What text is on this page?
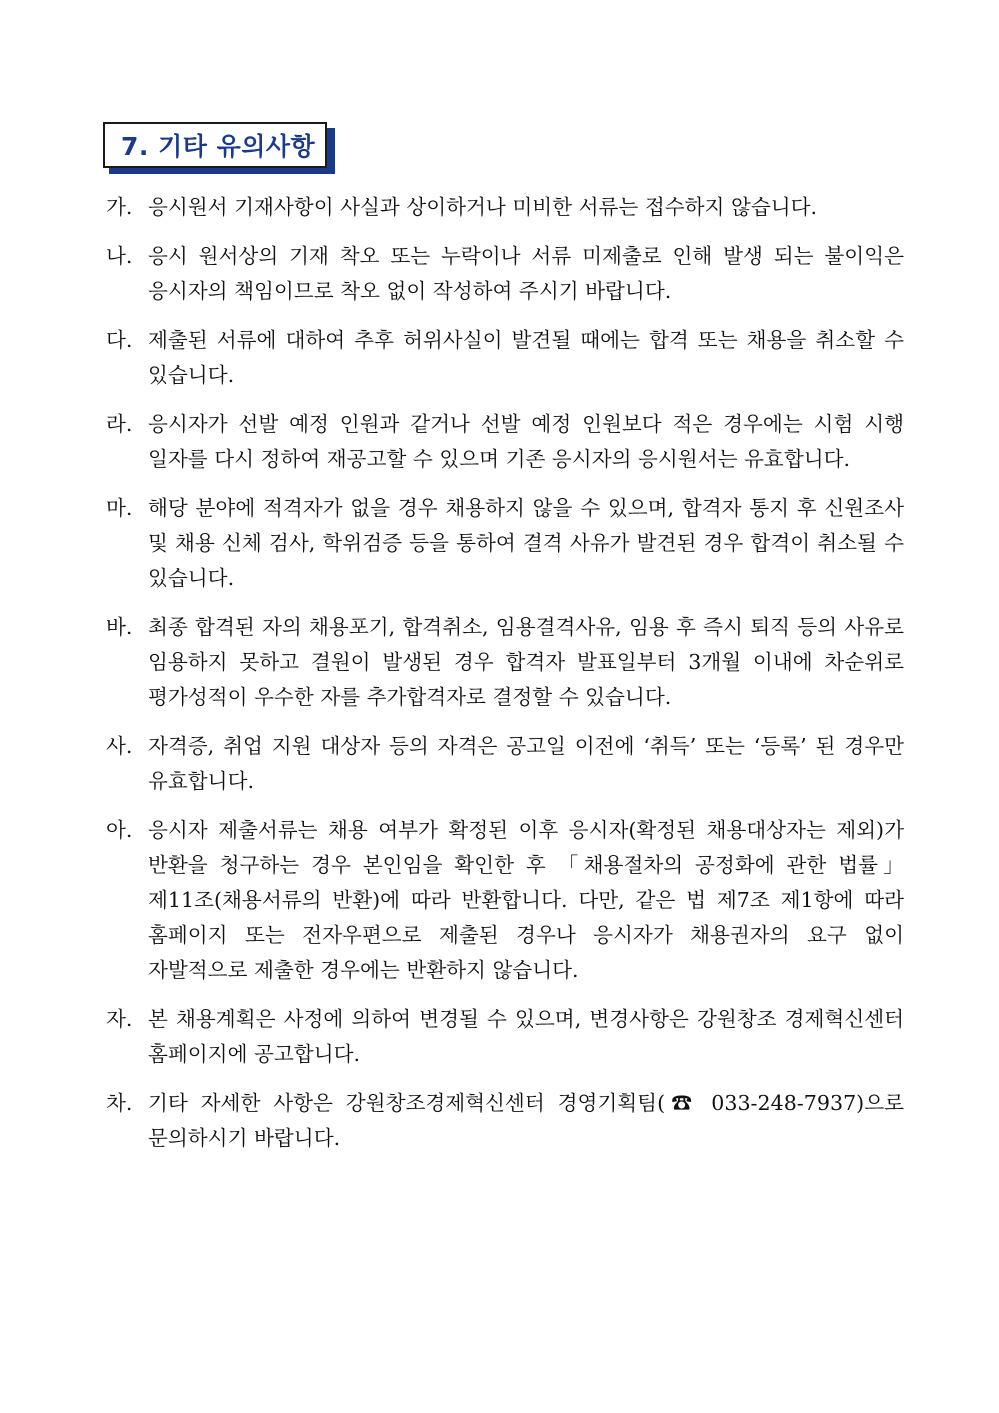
7. 기타 유의사항
가. 응시원서 기재사항이 사실과 상이하거나 미비한 서류는 접수하지 않습니다.
나. 응시 원서상의 기재 착오 또는 누락이나 서류 미제출로 인해 발생 되는 불이익은 응시자의 책임이므로 착오 없이 작성하여 주시기 바랍니다.
다. 제출된 서류에 대하여 추후 허위사실이 발견될 때에는 합격 또는 채용을 취소할 수 있습니다.
라. 응시자가 선발 예정 인원과 같거나 선발 예정 인원보다 적은 경우에는 시험 시행 일자를 다시 정하여 재공고할 수 있으며 기존 응시자의 응시원서는 유효합니다.
마. 해당 분야에 적격자가 없을 경우 채용하지 않을 수 있으며, 합격자 통지 후 신원조사 및 채용 신체 검사, 학위검증 등을 통하여 결격 사유가 발견된 경우 합격이 취소될 수 있습니다.
바. 최종 합격된 자의 채용포기, 합격취소, 임용결격사유, 임용 후 즉시 퇴직 등의 사유로 임용하지 못하고 결원이 발생된 경우 합격자 발표일부터 3개월 이내에 차순위로 평가성적이 우수한 자를 추가합격자로 결정할 수 있습니다.
사. 자격증, 취업 지원 대상자 등의 자격은 공고일 이전에 ‘취득’ 또는 ‘등록’ 된 경우만 유효합니다.
아. 응시자 제출서류는 채용 여부가 확정된 이후 응시자(확정된 채용대상자는 제외)가 반환을 청구하는 경우 본인임을 확인한 후 「채용절차의 공정화에 관한 법률」 제11조(채용서류의 반환)에 따라 반환합니다. 다만, 같은 법 제7조 제1항에 따라 홈페이지 또는 전자우편으로 제출된 경우나 응시자가 채용권자의 요구 없이 자발적으로 제출한 경우에는 반환하지 않습니다.
자. 본 채용계획은 사정에 의하여 변경될 수 있으며, 변경사항은 강원창조 경제혁신센터 홈페이지에 공고합니다.
차. 기타 자세한 사항은 강원창조경제혁신센터 경영기획팀(☎ 033-248-7937)으로 문의하시기 바랍니다.
